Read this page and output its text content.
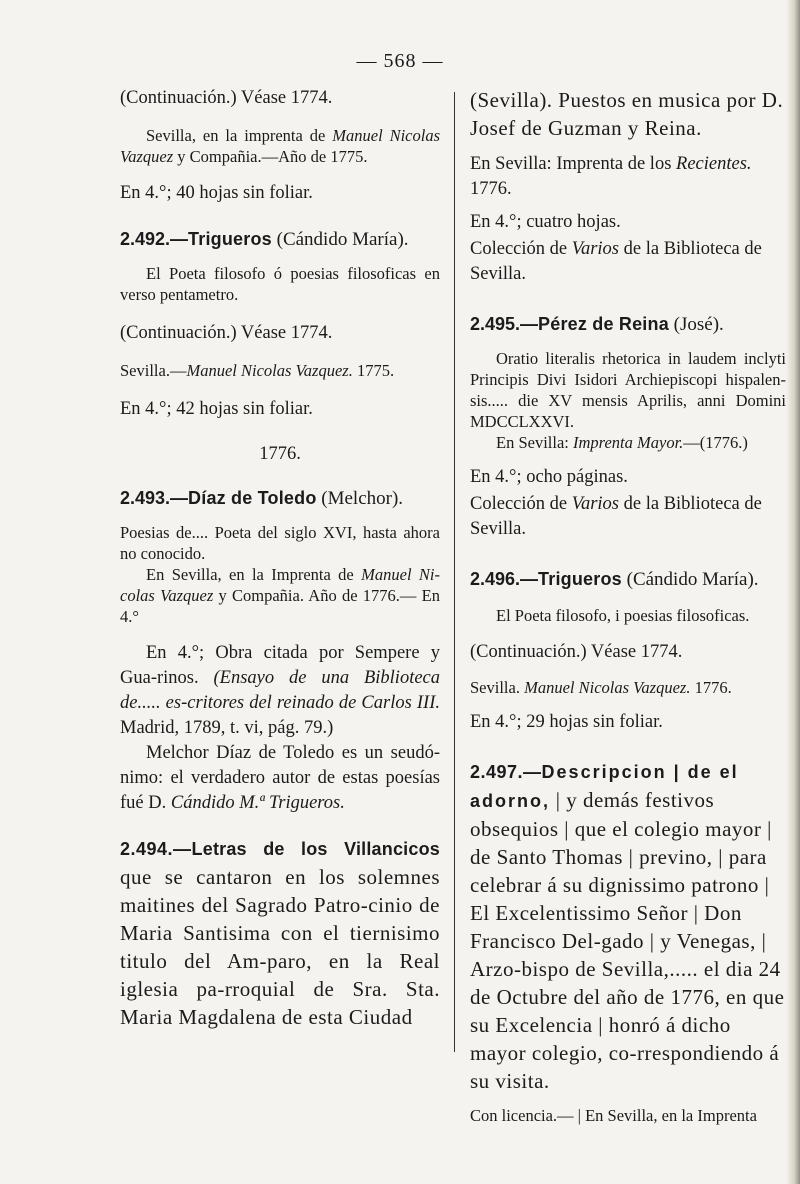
— 568 —

(Continuación.) Véase 1774.

Sevilla, en la imprenta de Manuel Nicolas Vazquez y Compañia.—Año de 1775.

En 4.°; 40 hojas sin foliar.

2.492.—Trigueros (Cándido María).

El Poeta filosofo ó poesias filosoficas en verso pentametro.

(Continuación.) Véase 1774.

Sevilla.—Manuel Nicolas Vazquez. 1775.

En 4.°; 42 hojas sin foliar.

1776.

2.493.—Díaz de Toledo (Melchor).

Poesias de.... Poeta del siglo XVI, hasta ahora no conocido.

En Sevilla, en la Imprenta de Manuel Ni-colas Vazquez y Compañia. Año de 1776.— En 4.°

En 4.°; Obra citada por Sempere y Gua-rinos. (Ensayo de una Biblioteca de..... es-critores del reinado de Carlos III. Madrid, 1789, t. vi, pág. 79.)

Melchor Díaz de Toledo es un seudó-nimo: el verdadero autor de estas poesías fué D. Cándido M.ª Trigueros.

2.494.—Letras de los Villancicos que se cantaron en los solemnes maitines del Sagrado Patro-cinio de Maria Santisima con el tiernisimo titulo del Am-paro, en la Real iglesia pa-rroquial de Sra. Sta. Maria Magdalena de esta Ciudad

(Sevilla). Puestos en musica por D. Josef de Guzman y Reina.

En Sevilla: Imprenta de los Recientes. 1776.

En 4.°; cuatro hojas.

Colección de Varios de la Biblioteca de Sevilla.

2.495.—Pérez de Reina (José).

Oratio literalis rhetorica in laudem inclyti Principis Divi Isidori Archiepiscopi hispalen-sis..... die XV mensis Aprilis, anni Domini MDCCLXXVI.

En Sevilla: Imprenta Mayor.—(1776.)

En 4.°; ocho páginas.

Colección de Varios de la Biblioteca de Sevilla.

2.496.—Trigueros (Cándido María).

El Poeta filosofo, i poesias filosoficas.

(Continuación.) Véase 1774.

Sevilla. Manuel Nicolas Vazquez. 1776.

En 4.°; 29 hojas sin foliar.

2.497.—Descripcion | de el adorno, | y demás festivos obsequios | que el colegio mayor | de Santo Thomas | previno, | para celebrar á su dignissimo patrono | El Excelentissimo Señor | Don Francisco Del-gado | y Venegas, | Arzo-bispo de Sevilla,..... el dia 24 de Octubre del año de 1776, en que su Excelencia | honró á dicho mayor colegio, co-rrespondiendo á su visita.

Con licencia.— | En Sevilla, en la Imprenta
